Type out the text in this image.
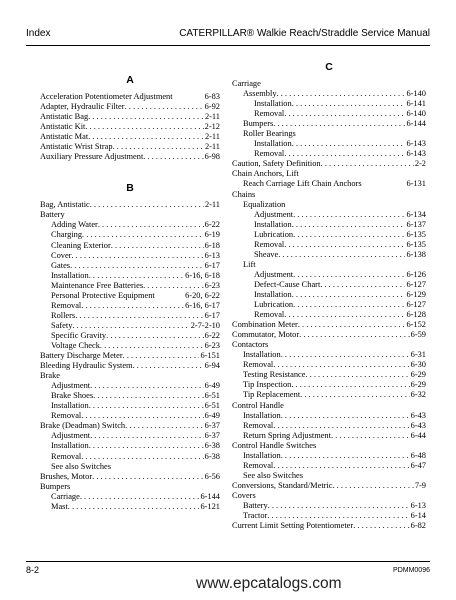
Index	CATERPILLAR® Walkie Reach/Straddle Service Manual
A
Acceleration Potentiometer Adjustment	6-83
Adapter, Hydraulic Filter . . .	6-92
Antistatic Bag . . .	2-11
Antistatic Kit . . .	2-12
Antistatic Mat . . .	2-11
Antistatic Wrist Strap . . .	2-11
Auxiliary Pressure Adjustment . . .	6-98
B
Bag, Antistatic . . .	2-11
Battery
Adding Water . . .	6-22
Charging . . .	6-19
Cleaning Exterior . . .	6-18
Cover . . .	6-13
Gates . . .	6-17
Installation . . .	6-16, 6-18
Maintenance Free Batteries . . .	6-23
Personal Protective Equipment	6-20, 6-22
Removal . . .	6-16, 6-17
Rollers . . .	6-17
Safety . . .	2-7-2-10
Specific Gravity . . .	6-22
Voltage Check . . .	6-23
Battery Discharge Meter . . .	6-151
Bleeding Hydraulic System . . .	6-94
Brake
Adjustment . . .	6-49
Brake Shoes . . .	6-51
Installation . . .	6-51
Removal . . .	6-49
Brake (Deadman) Switch . . .	6-37
Adjustment . . .	6-37
Installation . . .	6-38
Removal . . .	6-38
See also Switches
Brushes, Motor . . .	6-56
Bumpers
Carriage . . .	6-144
Mast . . .	6-121
C
Carriage
Assembly . . .	6-140
Installation . . .	6-141
Removal . . .	6-140
Bumpers . . .	6-144
Roller Bearings
Installation . . .	6-143
Removal . . .	6-143
Caution, Safety Definition . . .	2-2
Chain Anchors, Lift
Reach Carriage Lift Chain Anchors	6-131
Chains
Equalization
Adjustment . . .	6-134
Installation . . .	6-137
Lubrication . . .	6-135
Removal . . .	6-135
Sheave . . .	6-138
Lift
Adjustment . . .	6-126
Defect-Cause Chart . . .	6-127
Installation . . .	6-129
Lubrication . . .	6-127
Removal . . .	6-128
Combination Meter . . .	6-152
Commutator, Motor . . .	6-59
Contactors
Installation . . .	6-31
Removal . . .	6-30
Testing Resistance . . .	6-29
Tip Inspection . . .	6-29
Tip Replacement . . .	6-32
Control Handle
Installation . . .	6-43
Removal . . .	6-43
Return Spring Adjustment . . .	6-44
Control Handle Switches
Installation . . .	6-48
Removal . . .	6-47
See also Switches
Conversions, Standard/Metric . . .	7-9
Covers
Battery . . .	6-13
Tractor . . .	6-14
Current Limit Setting Potentiometer . . .	6-82
8-2	PDMM0096
www.epcatalogs.com
